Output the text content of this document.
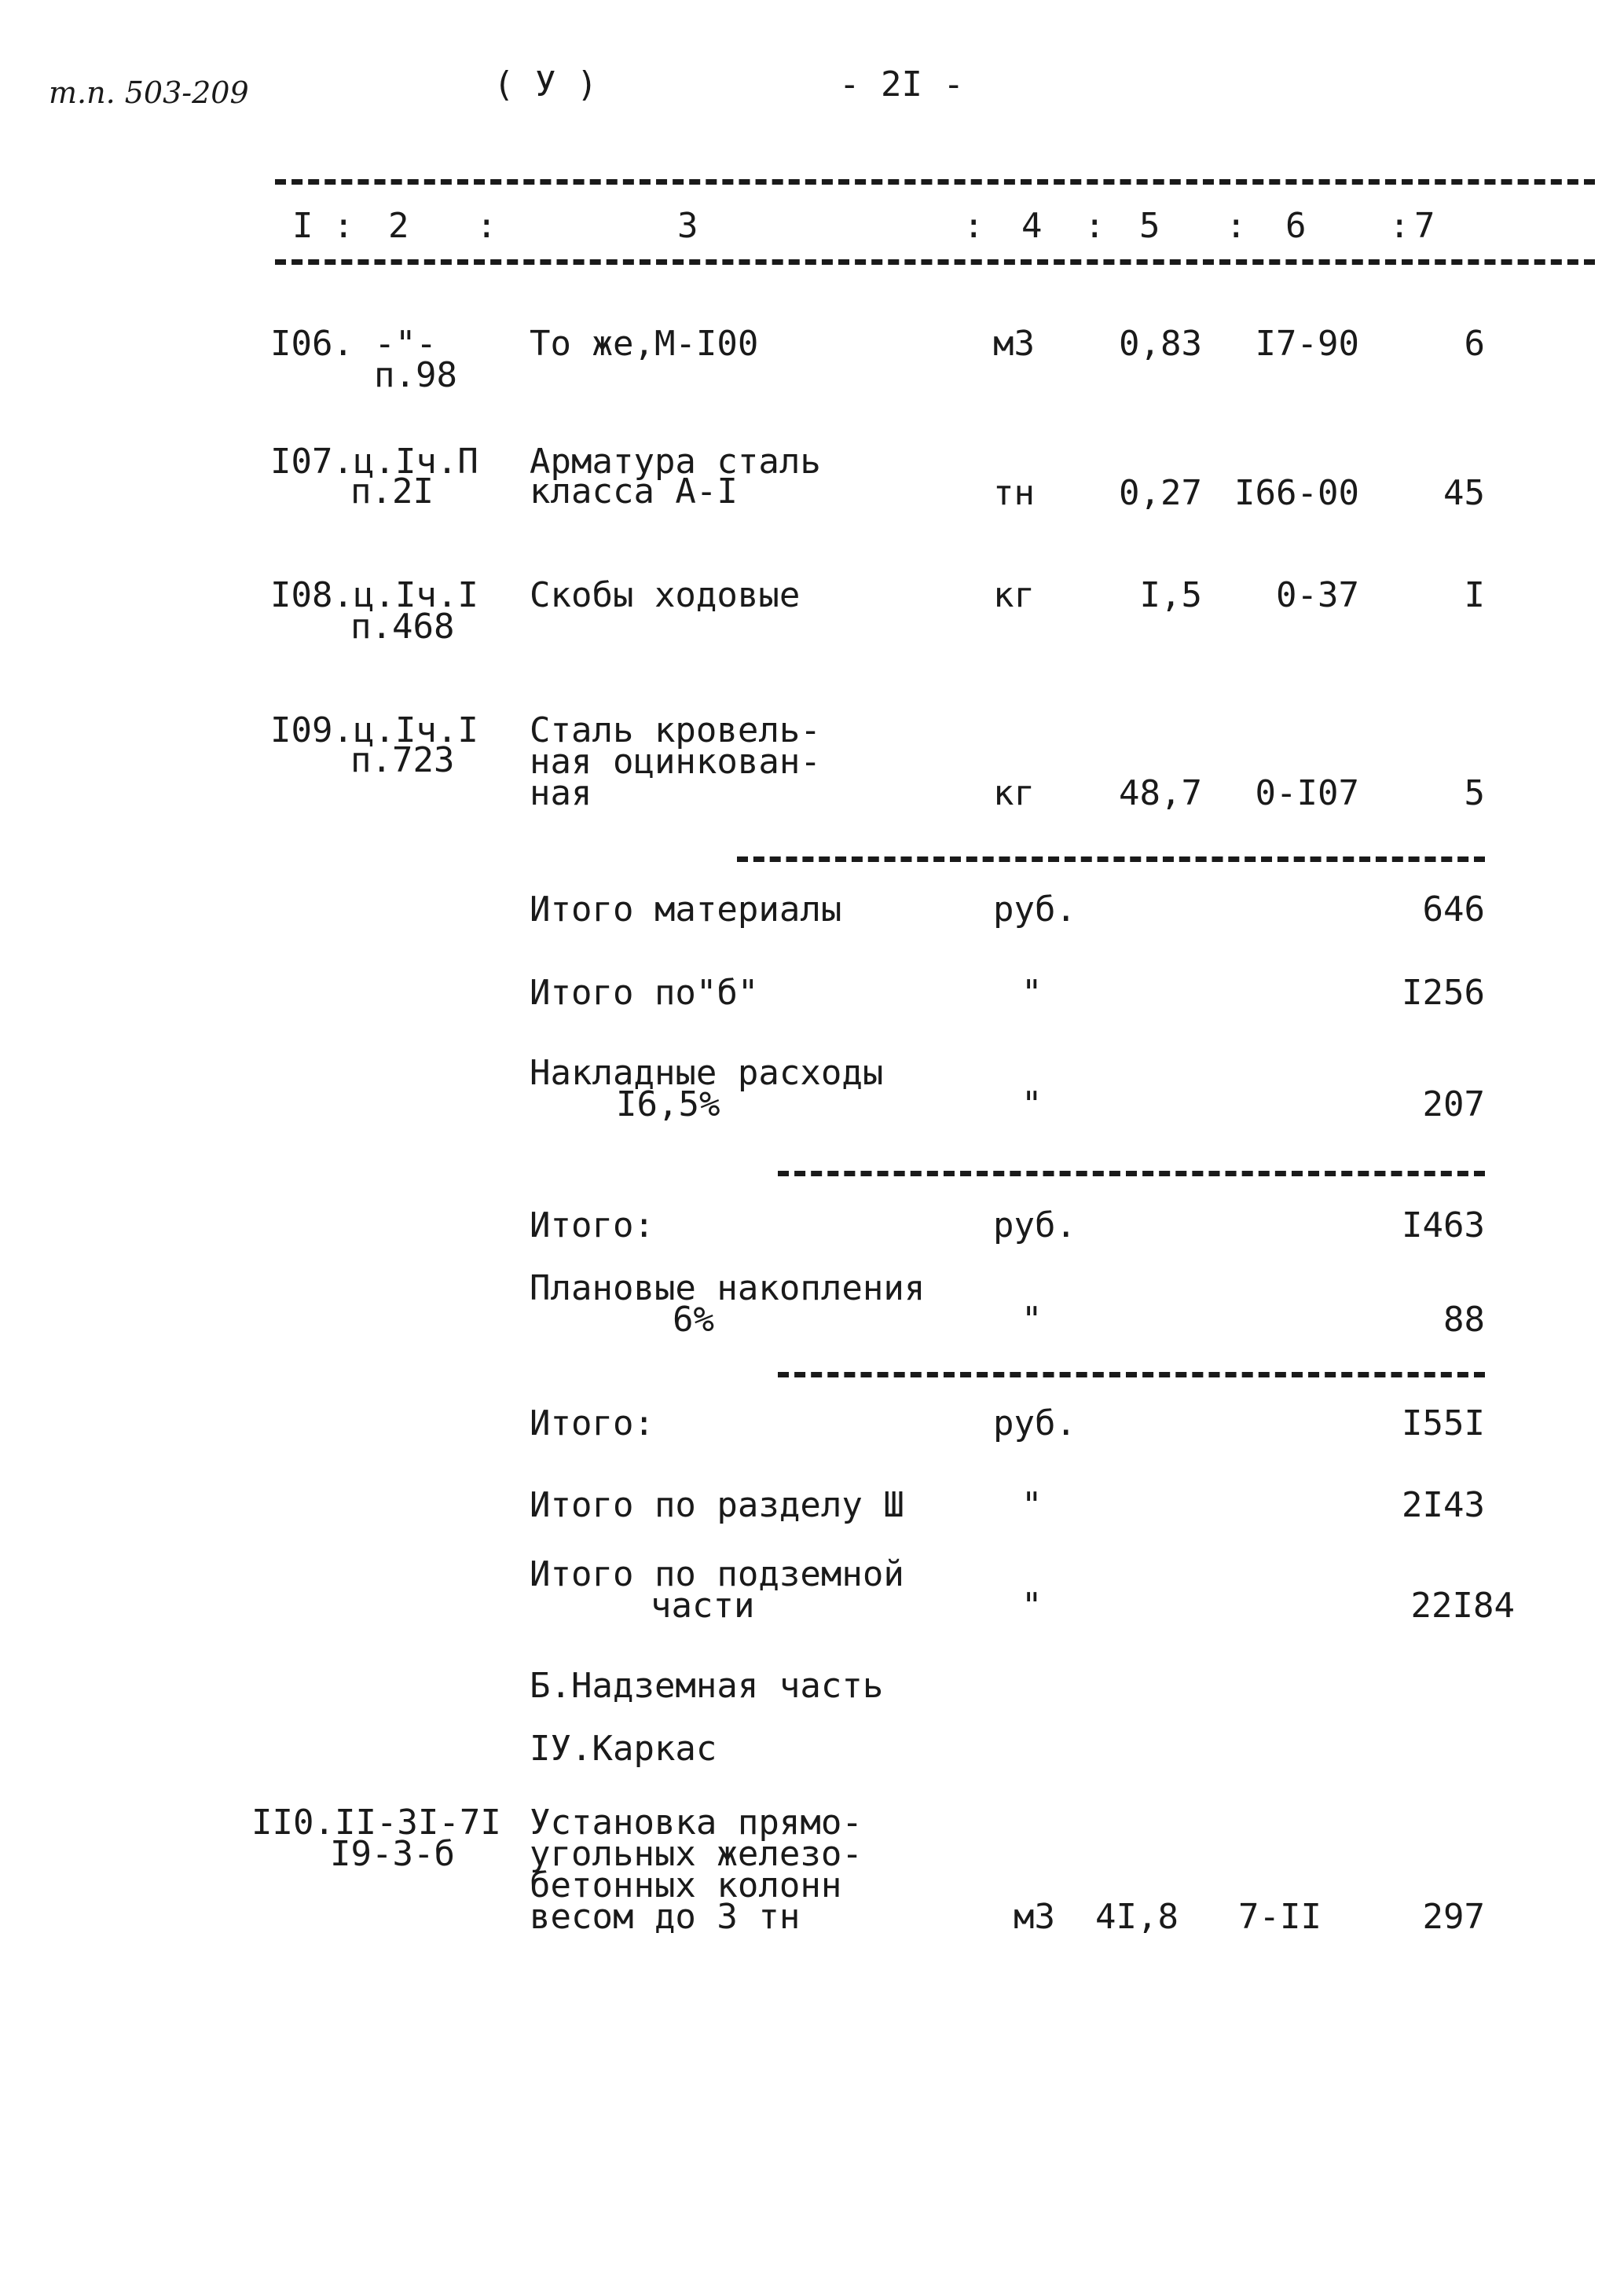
т.п. 503-209	( У )	- 2I -
I : 2 :	3	: 4 : 5 : 6 : 7
I06. -"-
п.98
То же,М-I00	м3	0,83	I7-90	6
I07.ц.Iч.П
п.2I
Арматура сталь
класса А-I	тн	0,27 I66-00	45
I08.ц.Iч.I
п.468
Скобы ходовые	кг	I,5	0-37	I
I09.ц.Iч.I
п.723
Сталь кровель-
ная оцинкован-
ная	кг	48,7	0-I07	5
Итого материалы	руб.	646
Итого по"б"	"	I256
Накладные расходы
I6,5%	"	207
Итого:	руб.	I463
Плановые накопления
6%	"	88
Итого:	руб.	I55I
Итого по разделу Ш	"	2I43
Итого по подземной
части	"	22I84
Б.Надземная часть
IУ.Каркас
II0.II-3I-7I
I9-3-б
Установка прямо-
угольных железо-
бетонных колонн
весом до 3 тн	м3	4I,8 7-II	297
